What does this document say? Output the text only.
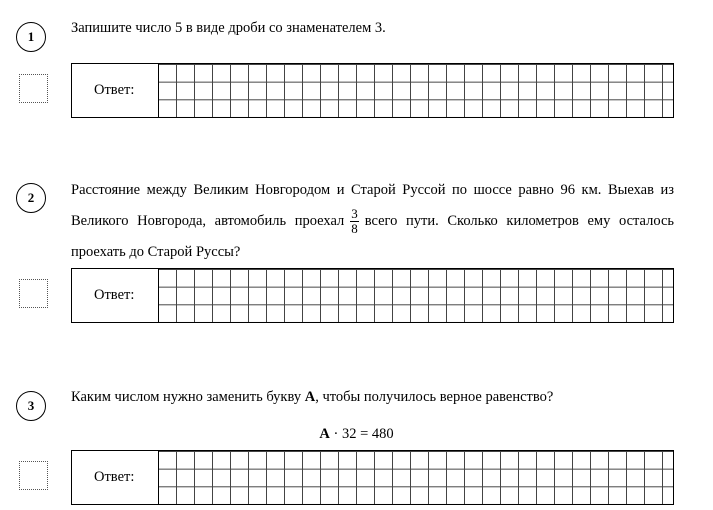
1
Запишите число 5 в виде дроби со знаменателем 3.
Ответ:
2	Расстояние между Великим Новгородом и Старой Руссой по шоссе равно 96 км. Выехав из Великого Новгорода, автомобиль проехал $\frac{3}{8}$ всего пути. Сколько километров ему осталось проехать до Старой Руссы?
Ответ:
3
Каким числом нужно заменить букву А, чтобы получилось верное равенство?
А · 32 = 480
Ответ:
